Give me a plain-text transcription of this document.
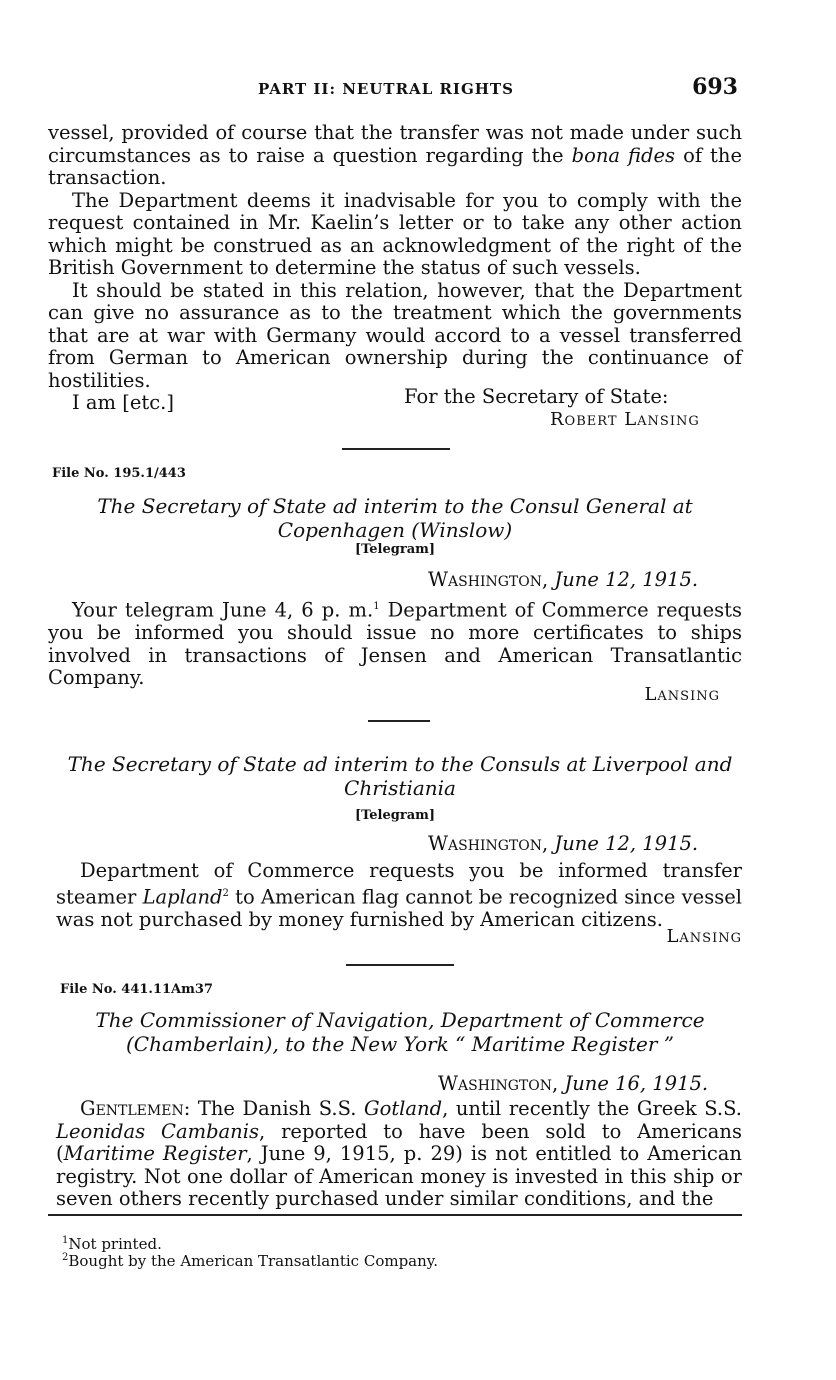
PART II: NEUTRAL RIGHTS	693

vessel, provided of course that the transfer was not made under such circumstances as to raise a question regarding the bona fides of the transaction.

The Department deems it inadvisable for you to comply with the request contained in Mr. Kaelin’s letter or to take any other action which might be construed as an acknowledgment of the right of the British Government to determine the status of such vessels.

It should be stated in this relation, however, that the Department can give no assurance as to the treatment which the governments that are at war with Germany would accord to a vessel transferred from German to American ownership during the continuance of hostilities.

I am [etc.]	For the Secretary of State:
Robert Lansing
File No. 195.1/443
The Secretary of State ad interim to the Consul General at Copenhagen (Winslow)
[Telegram]
Washington, June 12, 1915.
Your telegram June 4, 6 p. m.$^1$ Department of Commerce requests you be informed you should issue no more certificates to ships involved in transactions of Jensen and American Transatlantic Company.
Lansing
The Secretary of State ad interim to the Consuls at Liverpool and Christiania
[Telegram]
Washington, June 12, 1915.
Department of Commerce requests you be informed transfer steamer Lapland$^2$ to American flag cannot be recognized since vessel was not purchased by money furnished by American citizens.
Lansing
File No. 441.11Am37
The Commissioner of Navigation, Department of Commerce (Chamberlain), to the New York “ Maritime Register ”
Washington, June 16, 1915.
Gentlemen: The Danish S.S. Gotland, until recently the Greek S.S. Leonidas Cambanis, reported to have been sold to Americans (Maritime Register, June 9, 1915, p. 29) is not entitled to American registry. Not one dollar of American money is invested in this ship or seven others recently purchased under similar conditions, and the
$^1$Not printed.
$^2$Bought by the American Transatlantic Company.
